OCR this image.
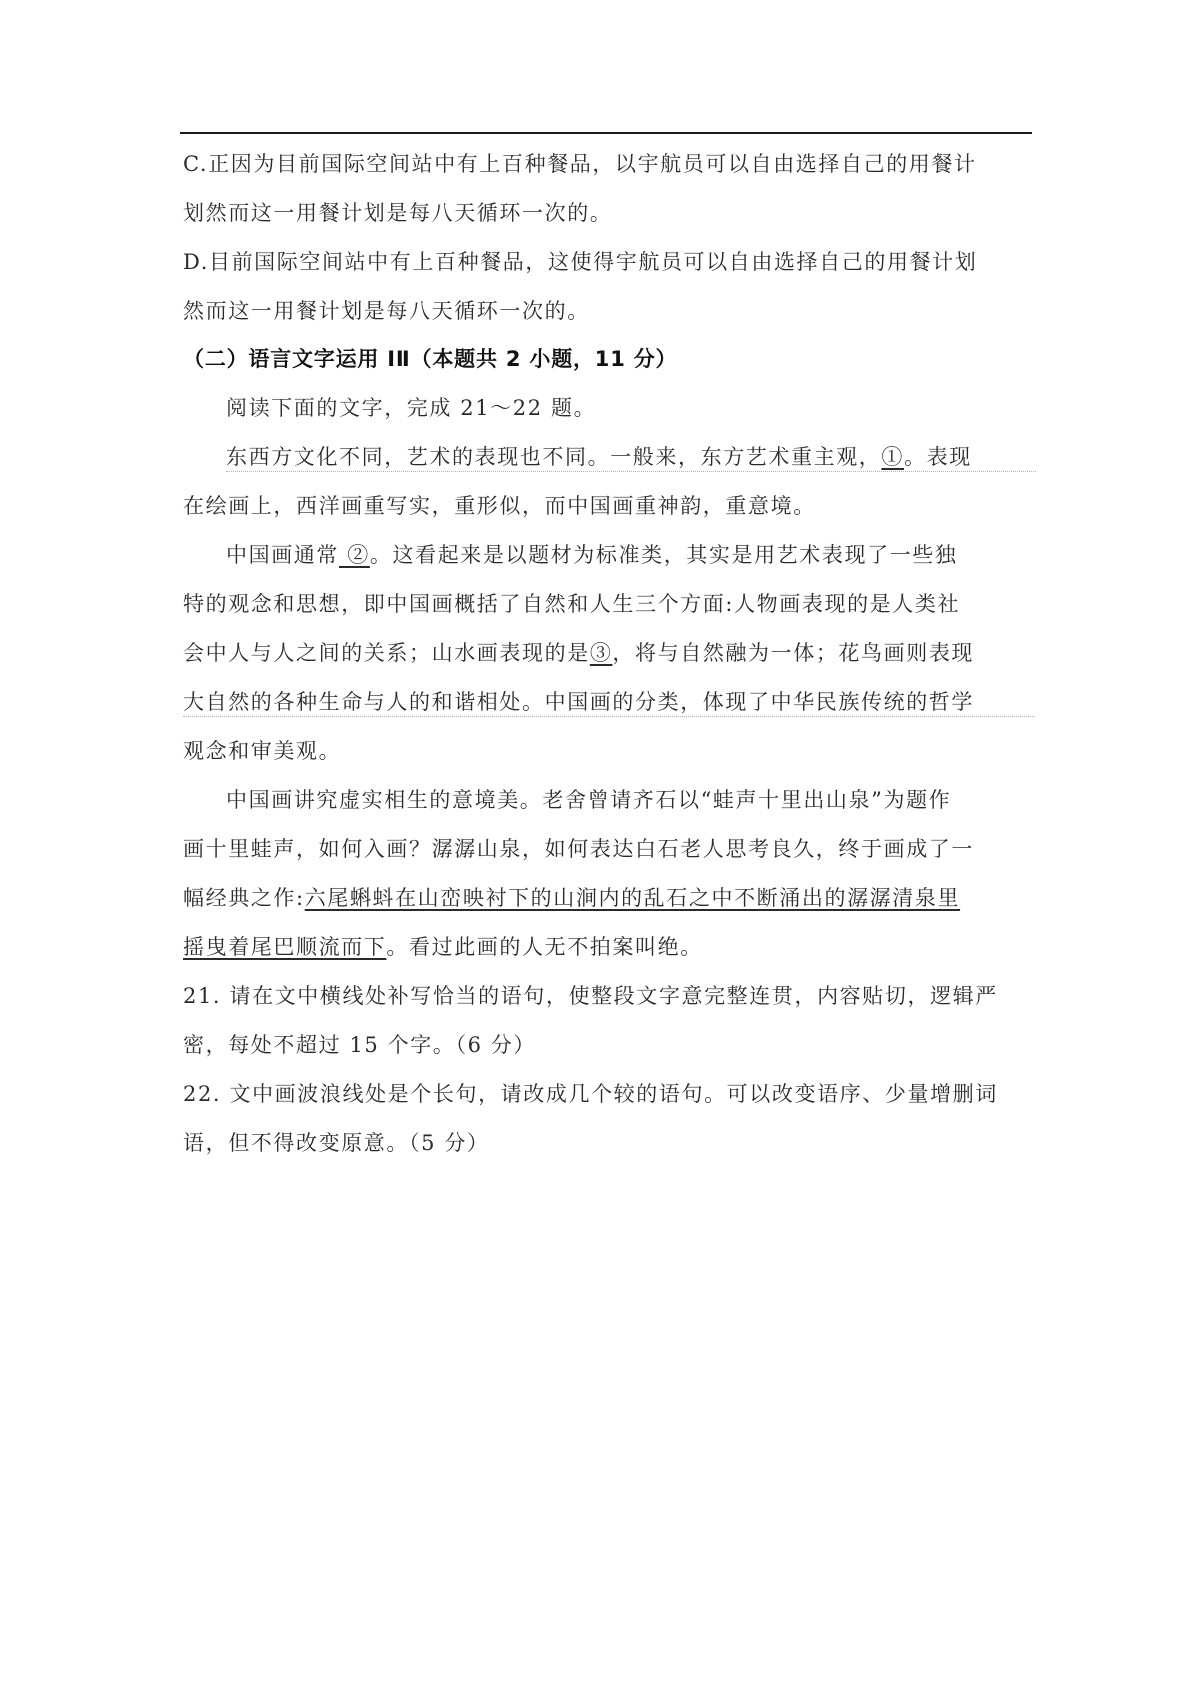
C.正因为目前国际空间站中有上百种餐品，以宇航员可以自由选择自己的用餐计
划然而这一用餐计划是每八天循环一次的。
D.目前国际空间站中有上百种餐品，这使得宇航员可以自由选择自己的用餐计划
然而这一用餐计划是每八天循环一次的。
（二）语言文字运用 IⅡ（本题共 2 小题，11 分）
阅读下面的文字，完成 21～22 题。
东西方文化不同，艺术的表现也不同。一般来，东方艺术重主观，①。表现
在绘画上，西洋画重写实，重形似，而中国画重神韵，重意境。
中国画通常 ②。这看起来是以题材为标准类，其实是用艺术表现了一些独
特的观念和思想，即中国画概括了自然和人生三个方面:人物画表现的是人类社
会中人与人之间的关系；山水画表现的是③，将与自然融为一体；花鸟画则表现
大自然的各种生命与人的和谐相处。中国画的分类，体现了中华民族传统的哲学
观念和审美观。
中国画讲究虚实相生的意境美。老舍曾请齐石以“蛙声十里出山泉”为题作
画十里蛙声，如何入画？潺潺山泉，如何表达白石老人思考良久，终于画成了一
幅经典之作:六尾蝌蚪在山峦映衬下的山涧内的乱石之中不断涌出的潺潺清泉里
摇曳着尾巴顺流而下。看过此画的人无不拍案叫绝。
21. 请在文中横线处补写恰当的语句，使整段文字意完整连贯，内容贴切，逻辑严
密，每处不超过 15 个字。（6 分）
22. 文中画波浪线处是个长句，请改成几个较的语句。可以改变语序、少量增删词
语，但不得改变原意。（5 分）
